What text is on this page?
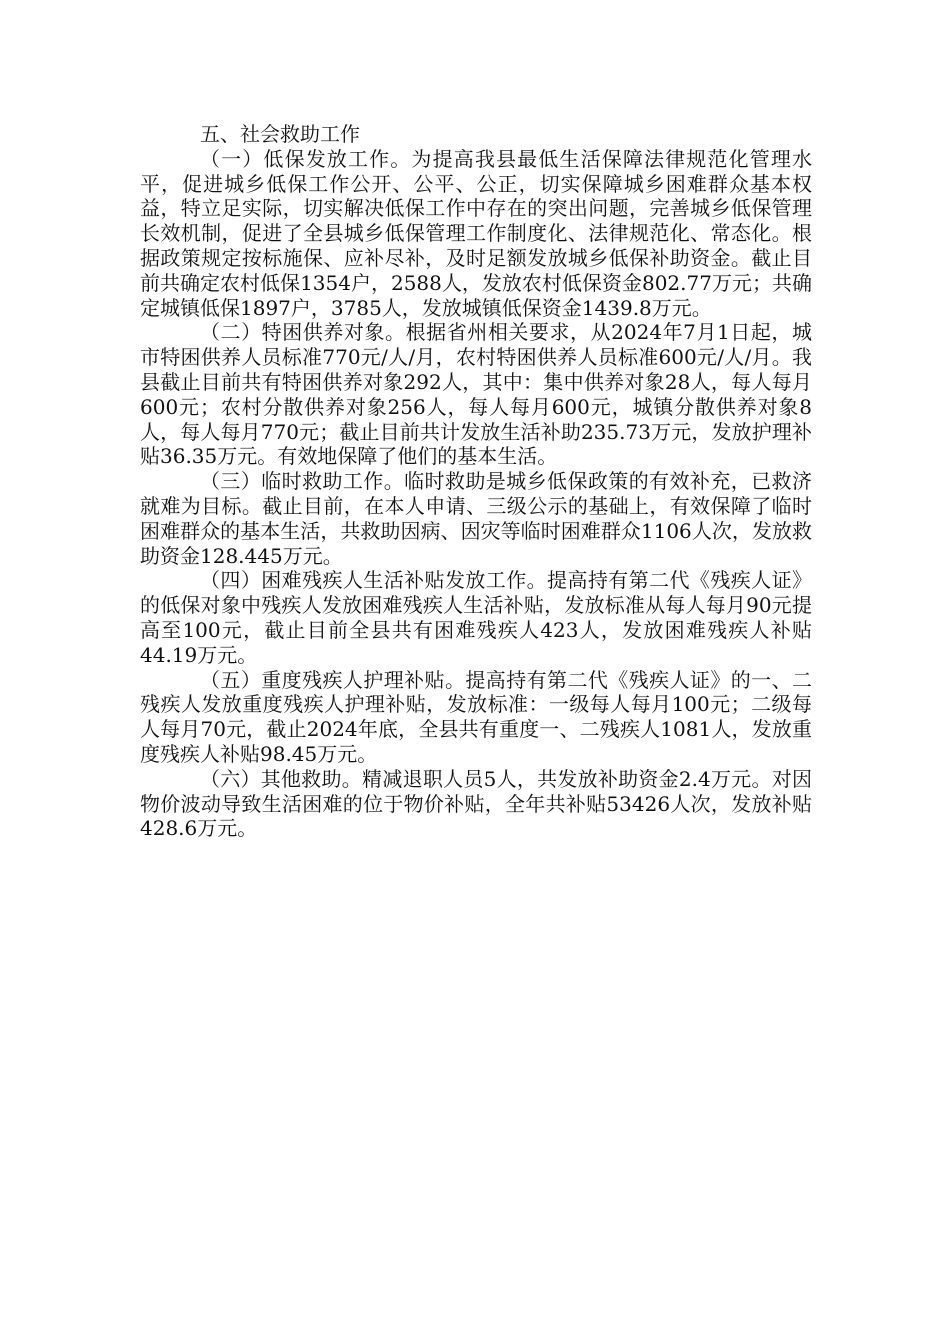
五、社会救助工作

（一）低保发放工作。为提高我县最低生活保障法律规范化管理水平，促进城乡低保工作公开、公平、公正，切实保障城乡困难群众基本权益，特立足实际，切实解决低保工作中存在的突出问题，完善城乡低保管理长效机制，促进了全县城乡低保管理工作制度化、法律规范化、常态化。根据政策规定按标施保、应补尽补，及时足额发放城乡低保补助资金。截止目前共确定农村低保1354户，2588人，发放农村低保资金802.77万元；共确定城镇低保1897户，3785人，发放城镇低保资金1439.8万元。

（二）特困供养对象。根据省州相关要求，从2024年7月1日起，城市特困供养人员标准770元/人/月，农村特困供养人员标准600元/人/月。我县截止目前共有特困供养对象292人，其中：集中供养对象28人，每人每月600元；农村分散供养对象256人，每人每月600元，城镇分散供养对象8人，每人每月770元；截止目前共计发放生活补助235.73万元，发放护理补贴36.35万元。有效地保障了他们的基本生活。

（三）临时救助工作。临时救助是城乡低保政策的有效补充，已救济就难为目标。截止目前，在本人申请、三级公示的基础上，有效保障了临时困难群众的基本生活，共救助因病、因灾等临时困难群众1106人次，发放救助资金128.445万元。

（四）困难残疾人生活补贴发放工作。提高持有第二代《残疾人证》的低保对象中残疾人发放困难残疾人生活补贴，发放标准从每人每月90元提高至100元，截止目前全县共有困难残疾人423人，发放困难残疾人补贴44.19万元。

（五）重度残疾人护理补贴。提高持有第二代《残疾人证》的一、二残疾人发放重度残疾人护理补贴，发放标准：一级每人每月100元；二级每人每月70元，截止2024年底，全县共有重度一、二残疾人1081人，发放重度残疾人补贴98.45万元。

（六）其他救助。精减退职人员5人，共发放补助资金2.4万元。对因物价波动导致生活困难的位于物价补贴，全年共补贴53426人次，发放补贴428.6万元。
